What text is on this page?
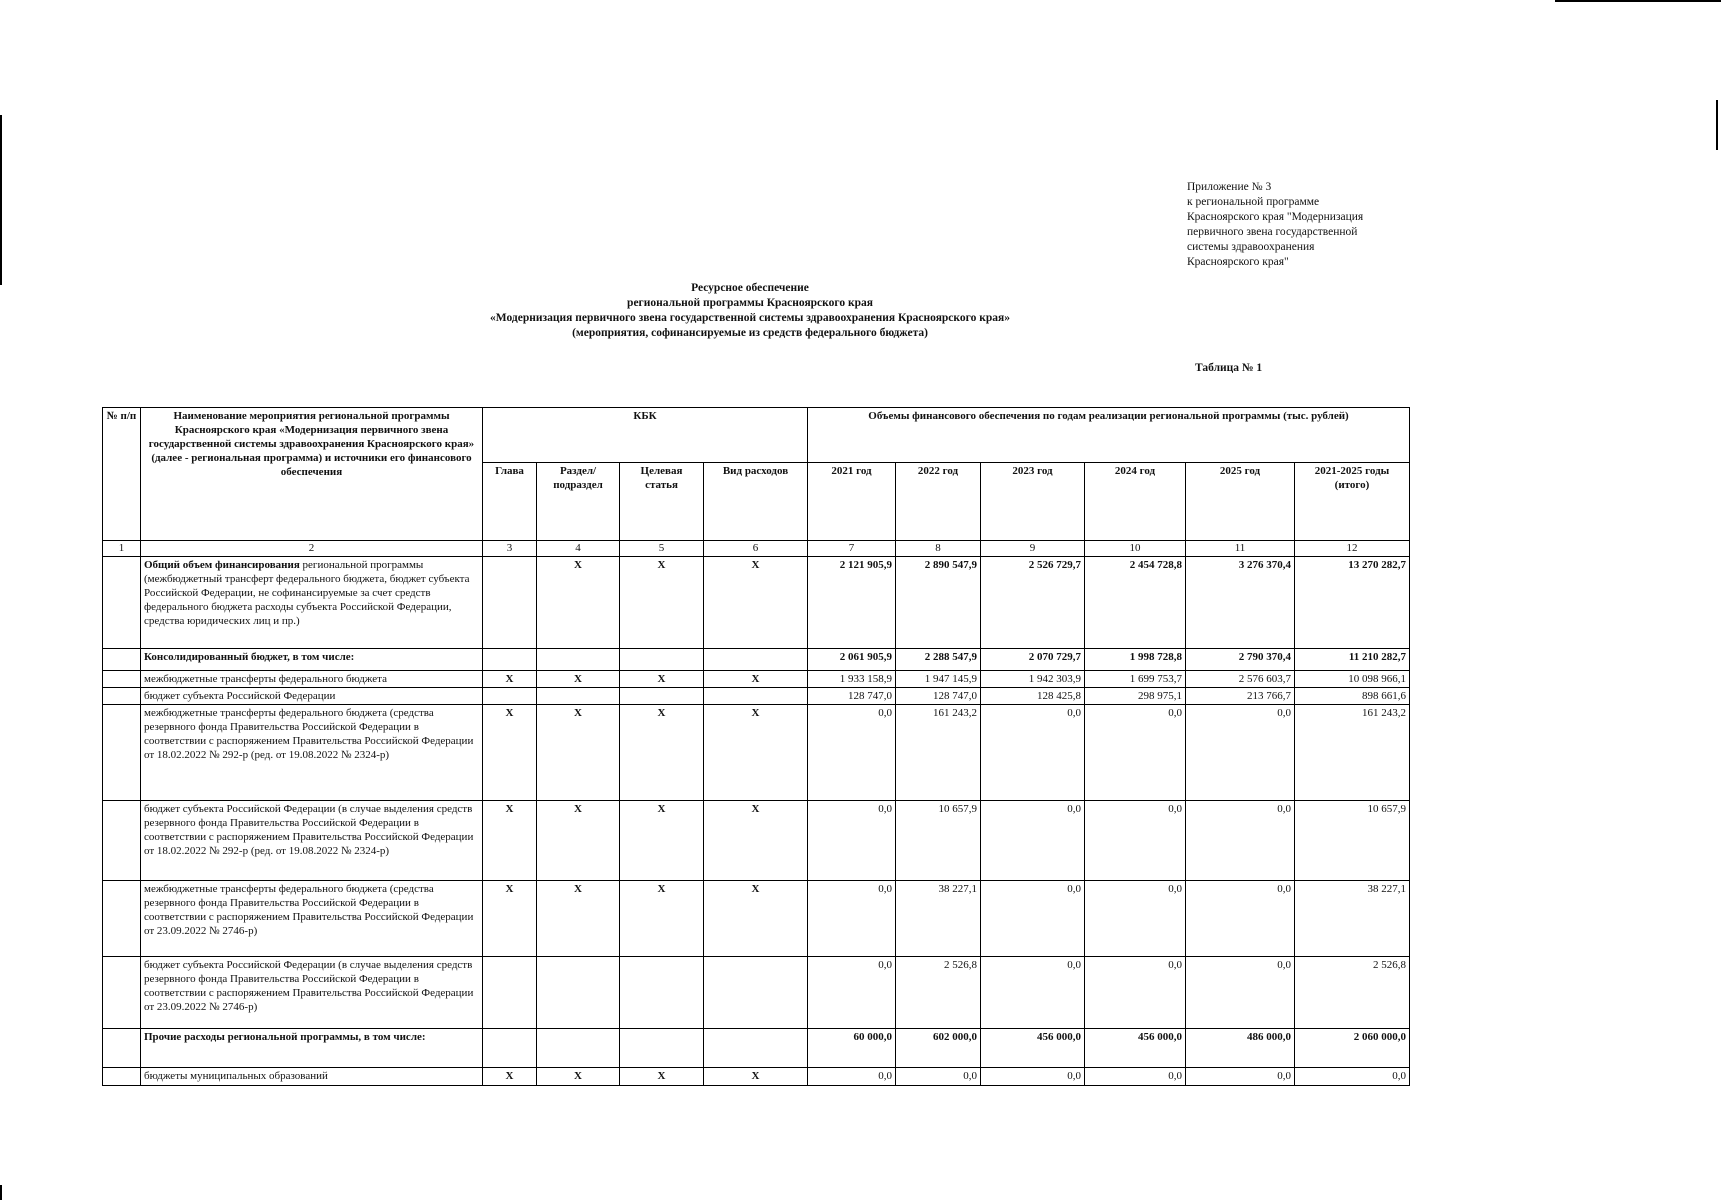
Приложение № 3
к региональной программе
Красноярского края "Модернизация
первичного звена государственной
системы здравоохранения
Красноярского края"
Ресурсное обеспечение
региональной программы Красноярского края
«Модернизация первичного звена государственной системы здравоохранения Красноярского края»
(мероприятия, софинансируемые из средств федерального бюджета)
Таблица № 1
№ п/п	Наименование мероприятия региональной программы Красноярского края «Модернизация первичного звена государственной системы здравоохранения Красноярского края» (далее - региональная программа) и источники его финансового обеспечения	КБК				Объемы финансового обеспечения по годам реализации региональной программы (тыс. рублей)					
		Глава	Раздел/ подраздел	Целевая статья	Вид расходов	2021 год	2022 год	2023 год	2024 год	2025 год	2021-2025 годы (итого)
1	2	3	4	5	6	7	8	9	10	11	12
	Общий объем финансирования региональной программы (межбюджетный трансферт федерального бюджета, бюджет субъекта Российской Федерации, не софинансируемые за счет средств федерального бюджета расходы субъекта Российской Федерации, средства юридических лиц и пр.)		X	X	X	2 121 905,9	2 890 547,9	2 526 729,7	2 454 728,8	3 276 370,4	13 270 282,7
	Консолидированный бюджет, в том числе:					2 061 905,9	2 288 547,9	2 070 729,7	1 998 728,8	2 790 370,4	11 210 282,7
	межбюджетные трансферты федерального бюджета	X	X	X	X	1 933 158,9	1 947 145,9	1 942 303,9	1 699 753,7	2 576 603,7	10 098 966,1
	бюджет субъекта Российской Федерации					128 747,0	128 747,0	128 425,8	298 975,1	213 766,7	898 661,6
	межбюджетные трансферты федерального бюджета (средства резервного фонда Правительства Российской Федерации в соответствии с распоряжением Правительства Российской Федерации от 18.02.2022 № 292-р (ред. от 19.08.2022 № 2324-р)	X	X	X	X	0,0	161 243,2	0,0	0,0	0,0	161 243,2
	бюджет субъекта Российской Федерации (в случае выделения средств резервного фонда Правительства Российской Федерации в соответствии с распоряжением Правительства Российской Федерации от 18.02.2022 № 292-р (ред. от 19.08.2022 № 2324-р)	X	X	X	X	0,0	10 657,9	0,0	0,0	0,0	10 657,9
	межбюджетные трансферты федерального бюджета (средства резервного фонда Правительства Российской Федерации в соответствии с распоряжением Правительства Российской Федерации от 23.09.2022 № 2746-р)	X	X	X	X	0,0	38 227,1	0,0	0,0	0,0	38 227,1
	бюджет субъекта Российской Федерации (в случае выделения средств резервного фонда Правительства Российской Федерации в соответствии с распоряжением Правительства Российской Федерации от 23.09.2022 № 2746-р)					0,0	2 526,8	0,0	0,0	0,0	2 526,8
	Прочие расходы региональной программы, в том числе:					60 000,0	602 000,0	456 000,0	456 000,0	486 000,0	2 060 000,0
	бюджеты муниципальных образований	X	X	X	X	0,0	0,0	0,0	0,0	0,0	0,0
